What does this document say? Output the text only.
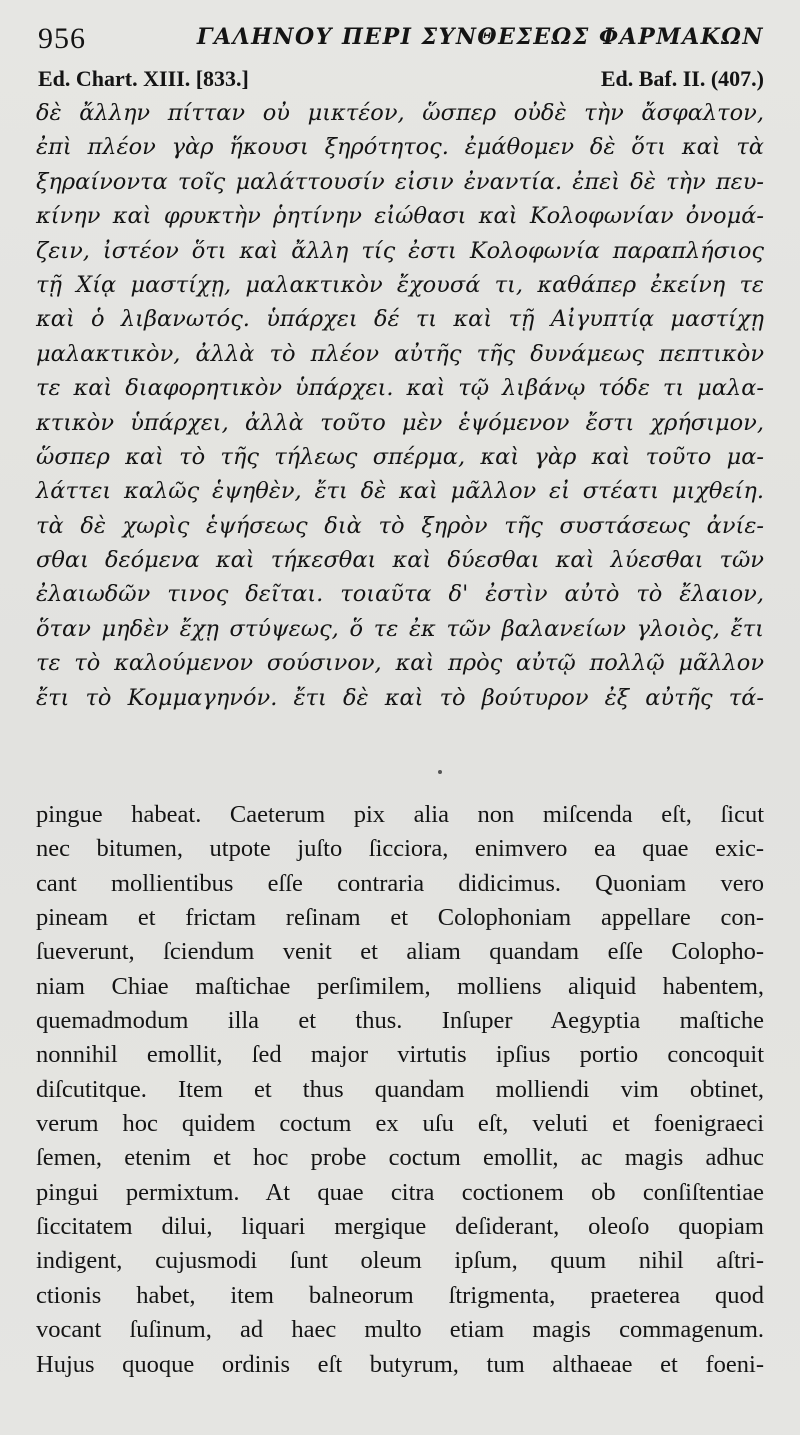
956	ΓΑΛΗΝΟΥ ΠΕΡΙ ΣΥΝΘΕΣΕΩΣ ΦΑΡΜΑΚΩΝ
Ed. Chart. XIII. [833.]	Ed. Baf. II. (407.)
δὲ ἄλλην πίτταν οὐ μικτέον, ὥσπερ οὐδὲ τὴν ἄσφαλτον,
ἐπὶ πλέον γὰρ ἥκουσι ξηρότητος. ἐμάθομεν δὲ ὅτι καὶ τὰ
ξηραίνοντα τοῖς μαλάττουσίν εἰσιν ἐναντία. ἐπεὶ δὲ τὴν πευ-
κίνην καὶ φρυκτὴν ῥητίνην εἰώθασι καὶ Κολοφωνίαν ὀνομά-
ζειν, ἰστέον ὅτι καὶ ἄλλη τίς ἐστι Κολοφωνία παραπλήσιος
τῇ Χίᾳ μαστίχῃ, μαλακτικὸν ἔχουσά τι, καθάπερ ἐκείνη τε
καὶ ὁ λιβανωτός. ὑπάρχει δέ τι καὶ τῇ Αἰγυπτίᾳ μαστίχῃ
μαλακτικὸν, ἀλλὰ τὸ πλέον αὐτῆς τῆς δυνάμεως πεπτικὸν
τε καὶ διαφορητικὸν ὑπάρχει. καὶ τῷ λιβάνῳ τόδε τι μαλα-
κτικὸν ὑπάρχει, ἀλλὰ τοῦτο μὲν ἑψόμενον ἔστι χρήσιμον,
ὥσπερ καὶ τὸ τῆς τήλεως σπέρμα, καὶ γὰρ καὶ τοῦτο μα-
λάττει καλῶς ἑψηθὲν, ἔτι δὲ καὶ μᾶλλον εἰ στέατι μιχθείη.
τὰ δὲ χωρὶς ἑψήσεως διὰ τὸ ξηρὸν τῆς συστάσεως ἀνίε-
σθαι δεόμενα καὶ τήκεσθαι καὶ δύεσθαι καὶ λύεσθαι τῶν
ἐλαιωδῶν τινος δεῖται. τοιαῦτα δ' ἐστὶν αὐτὸ τὸ ἔλαιον,
ὅταν μηδὲν ἔχῃ στύψεως, ὅ τε ἐκ τῶν βαλανείων γλοιὸς, ἔτι
τε τὸ καλούμενον σούσινον, καὶ πρὸς αὐτῷ πολλῷ μᾶλλον
ἔτι τὸ Κομμαγηνόν. ἔτι δὲ καὶ τὸ βούτυρον ἐξ αὐτῆς τά-
pingue habeat. Caeterum pix alia non miſcenda eſt, ſicut
nec bitumen, utpote juſto ſicciora, enimvero ea quae exic-
cant mollientibus eſſe contraria didicimus. Quoniam vero
pineam et frictam reſinam et Colophoniam appellare con-
ſueverunt, ſciendum venit et aliam quandam eſſe Colopho-
niam Chiae maſtichae perſimilem, molliens aliquid habentem,
quemadmodum illa et thus. Inſuper Aegyptia maſtiche
nonnihil emollit, ſed major virtutis ipſius portio concoquit
diſcutitque. Item et thus quandam molliendi vim obtinet,
verum hoc quidem coctum ex uſu eſt, veluti et foenigraeci
ſemen, etenim et hoc probe coctum emollit, ac magis adhuc
pingui permixtum. At quae citra coctionem ob conſiſtentiae
ſiccitatem dilui, liquari mergique deſiderant, oleoſo quopiam
indigent, cujusmodi ſunt oleum ipſum, quum nihil aſtri-
ctionis habet, item balneorum ſtrigmenta, praeterea quod
vocant ſuſinum, ad haec multo etiam magis commagenum.
Hujus quoque ordinis eſt butyrum, tum althaeae et foeni-
